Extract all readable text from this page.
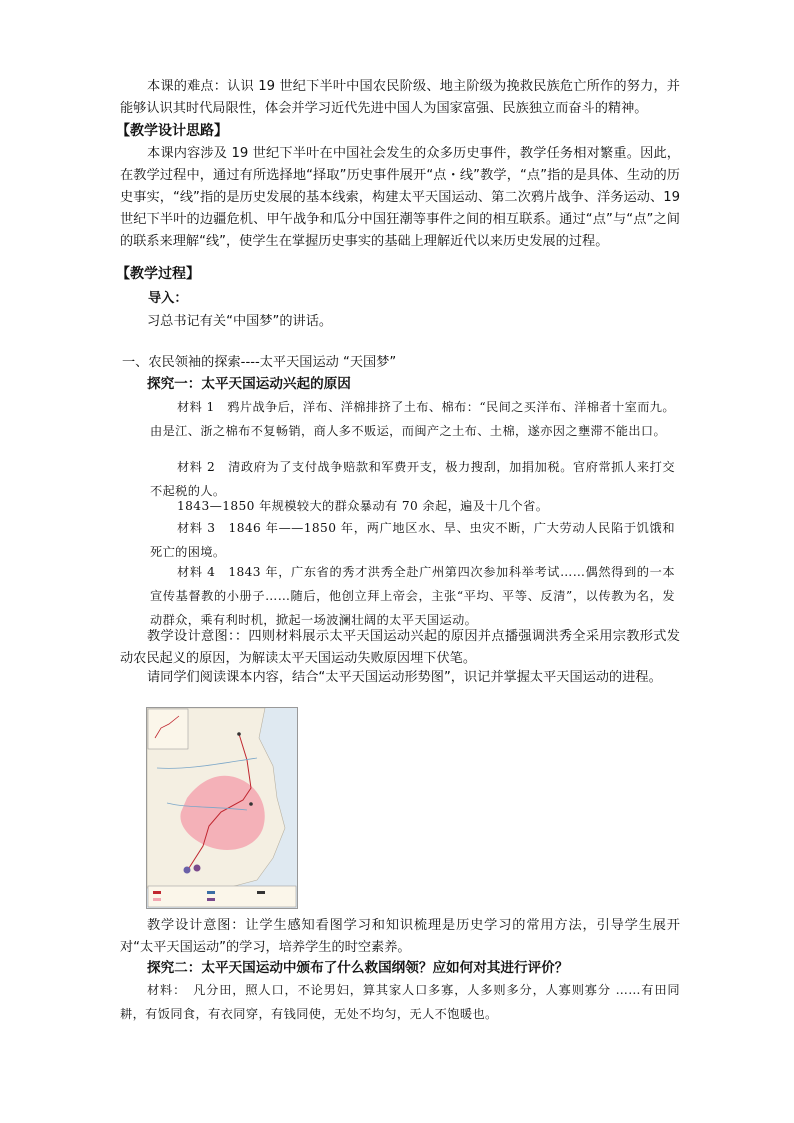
本课的难点：认识 19 世纪下半叶中国农民阶级、地主阶级为挽救民族危亡所作的努力，并能够认识其时代局限性，体会并学习近代先进中国人为国家富强、民族独立而奋斗的精神。

【教学设计思路】

本课内容涉及 19 世纪下半叶在中国社会发生的众多历史事件，教学任务相对繁重。因此，在教学过程中，通过有所选择地“择取”历史事件展开“点・线”教学，“点”指的是具体、生动的历史事实，“线”指的是历史发展的基本线索，构建太平天国运动、第二次鸦片战争、洋务运动、19 世纪下半叶的边疆危机、甲午战争和瓜分中国狂潮等事件之间的相互联系。通过“点”与“点”之间的联系来理解“线”，使学生在掌握历史事实的基础上理解近代以来历史发展的过程。

【教学过程】

导入：

习总书记有关“中国梦”的讲话。

一、农民领袖的探索----太平天国运动 “天国梦”

探究一：太平天国运动兴起的原因

材料 1　鸦片战争后，洋布、洋棉排挤了土布、棉布：“民间之买洋布、洋棉者十室而九。由是江、浙之棉布不复畅销，商人多不贩运，而闽产之土布、土棉，遂亦因之壅滞不能出口。

材料 2　清政府为了支付战争赔款和军费开支，极力搜刮，加捐加税。官府常抓人来打交不起税的人。

1843—1850 年规模较大的群众暴动有 70 余起，遍及十几个省。

材料 3　1846 年——1850 年，两广地区水、旱、虫灾不断，广大劳动人民陷于饥饿和死亡的困境。

材料 4　1843 年，广东省的秀才洪秀全赴广州第四次参加科举考试……偶然得到的一本宣传基督教的小册子……随后，他创立拜上帝会，主张“平均、平等、反清”，以传教为名，发动群众，乘有利时机，掀起一场波澜壮阔的太平天国运动。

教学设计意图：：四则材料展示太平天国运动兴起的原因并点播强调洪秀全采用宗教形式发动农民起义的原因，为解读太平天国运动失败原因埋下伏笔。

请同学们阅读课本内容，结合“太平天国运动形势图”，识记并掌握太平天国运动的进程。

教学设计意图：让学生感知看图学习和知识梳理是历史学习的常用方法，引导学生展开对“太平天国运动”的学习，培养学生的时空素养。

探究二：太平天国运动中颁布了什么救国纲领？应如何对其进行评价？

材料：　凡分田，照人口，不论男妇，算其家人口多寡，人多则多分，人寡则寡分 ……有田同耕，有饭同食，有衣同穿，有钱同使，无处不均匀，无人不饱暖也。
